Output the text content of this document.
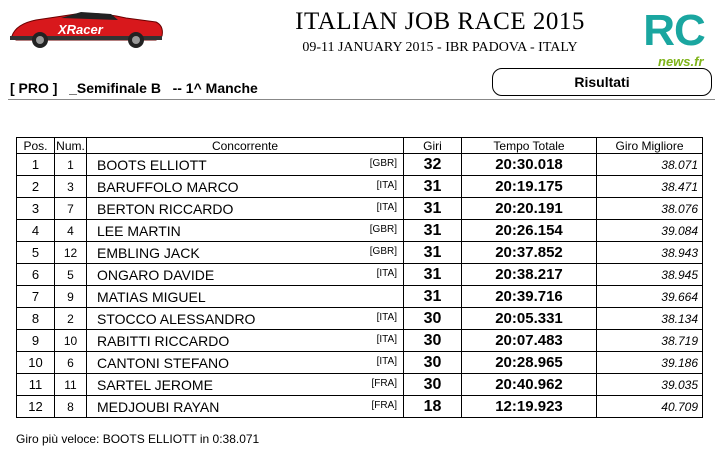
XRacer	ITALIAN JOB RACE 2015
09-11 JANUARY 2015 - IBR PADOVA - ITALY	RC
news.fr
[ PRO ]   _Semifinale B   -- 1^ Manche	Risultati
Pos.	Num.	Concorrente	Giri	Tempo Totale	Giro Migliore
1	1	BOOTS ELLIOTT [GBR]	32	20:30.018	38.071
2	3	BARUFFOLO MARCO [ITA]	31	20:19.175	38.471
3	7	BERTON RICCARDO [ITA]	31	20:20.191	38.076
4	4	LEE MARTIN [GBR]	31	20:26.154	39.084
5	12	EMBLING JACK [GBR]	31	20:37.852	38.943
6	5	ONGARO DAVIDE [ITA]	31	20:38.217	38.945
7	9	MATIAS MIGUEL	31	20:39.716	39.664
8	2	STOCCO ALESSANDRO [ITA]	30	20:05.331	38.134
9	10	RABITTI RICCARDO [ITA]	30	20:07.483	38.719
10	6	CANTONI STEFANO [ITA]	30	20:28.965	39.186
11	11	SARTEL JEROME [FRA]	30	20:40.962	39.035
12	8	MEDJOUBI RAYAN [FRA]	18	12:19.923	40.709
Giro più veloce: BOOTS ELLIOTT in 0:38.071
